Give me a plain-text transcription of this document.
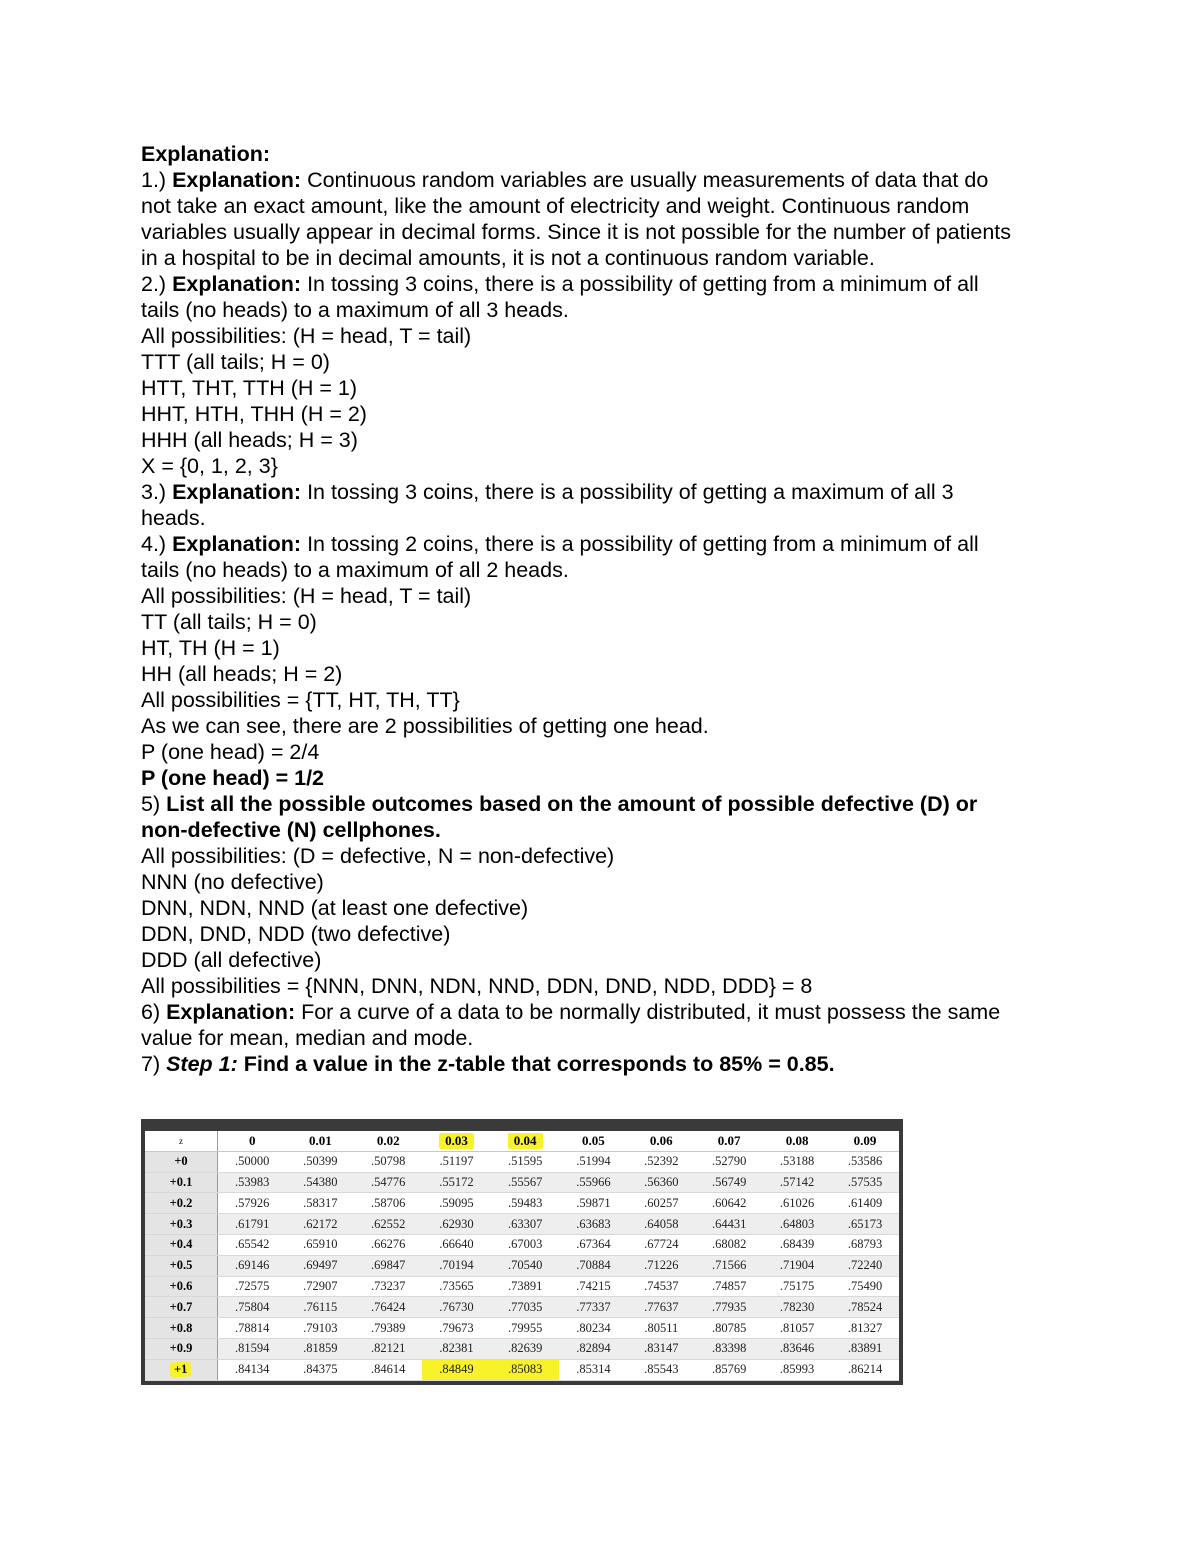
Explanation:
1.) Explanation: Continuous random variables are usually measurements of data that do
not take an exact amount, like the amount of electricity and weight. Continuous random
variables usually appear in decimal forms. Since it is not possible for the number of patients
in a hospital to be in decimal amounts, it is not a continuous random variable.
2.) Explanation: In tossing 3 coins, there is a possibility of getting from a minimum of all
tails (no heads) to a maximum of all 3 heads.
All possibilities: (H = head, T = tail)
TTT (all tails; H = 0)
HTT, THT, TTH (H = 1)
HHT, HTH, THH (H = 2)
HHH (all heads; H = 3)
X = {0, 1, 2, 3}
3.) Explanation: In tossing 3 coins, there is a possibility of getting a maximum of all 3
heads.
4.) Explanation: In tossing 2 coins, there is a possibility of getting from a minimum of all
tails (no heads) to a maximum of all 2 heads.
All possibilities: (H = head, T = tail)
TT (all tails; H = 0)
HT, TH (H = 1)
HH (all heads; H = 2)
All possibilities = {TT, HT, TH, TT}
As we can see, there are 2 possibilities of getting one head.
P (one head) = 2/4
P (one head) = 1/2
5) List all the possible outcomes based on the amount of possible defective (D) or
non-defective (N) cellphones.
All possibilities: (D = defective, N = non-defective)
NNN (no defective)
DNN, NDN, NND (at least one defective)
DDN, DND, NDD (two defective)
DDD (all defective)
All possibilities = {NNN, DNN, NDN, NND, DDN, DND, NDD, DDD} = 8
6) Explanation: For a curve of a data to be normally distributed, it must possess the same
value for mean, median and mode.
7) Step 1: Find a value in the z-table that corresponds to 85% = 0.85.
z	0	0.01	0.02	0.03	0.04	0.05	0.06	0.07	0.08	0.09
+0	.50000	.50399	.50798	.51197	.51595	.51994	.52392	.52790	.53188	.53586
+0.1	.53983	.54380	.54776	.55172	.55567	.55966	.56360	.56749	.57142	.57535
+0.2	.57926	.58317	.58706	.59095	.59483	.59871	.60257	.60642	.61026	.61409
+0.3	.61791	.62172	.62552	.62930	.63307	.63683	.64058	.64431	.64803	.65173
+0.4	.65542	.65910	.66276	.66640	.67003	.67364	.67724	.68082	.68439	.68793
+0.5	.69146	.69497	.69847	.70194	.70540	.70884	.71226	.71566	.71904	.72240
+0.6	.72575	.72907	.73237	.73565	.73891	.74215	.74537	.74857	.75175	.75490
+0.7	.75804	.76115	.76424	.76730	.77035	.77337	.77637	.77935	.78230	.78524
+0.8	.78814	.79103	.79389	.79673	.79955	.80234	.80511	.80785	.81057	.81327
+0.9	.81594	.81859	.82121	.82381	.82639	.82894	.83147	.83398	.83646	.83891
+1	.84134	.84375	.84614	.84849	.85083	.85314	.85543	.85769	.85993	.86214
